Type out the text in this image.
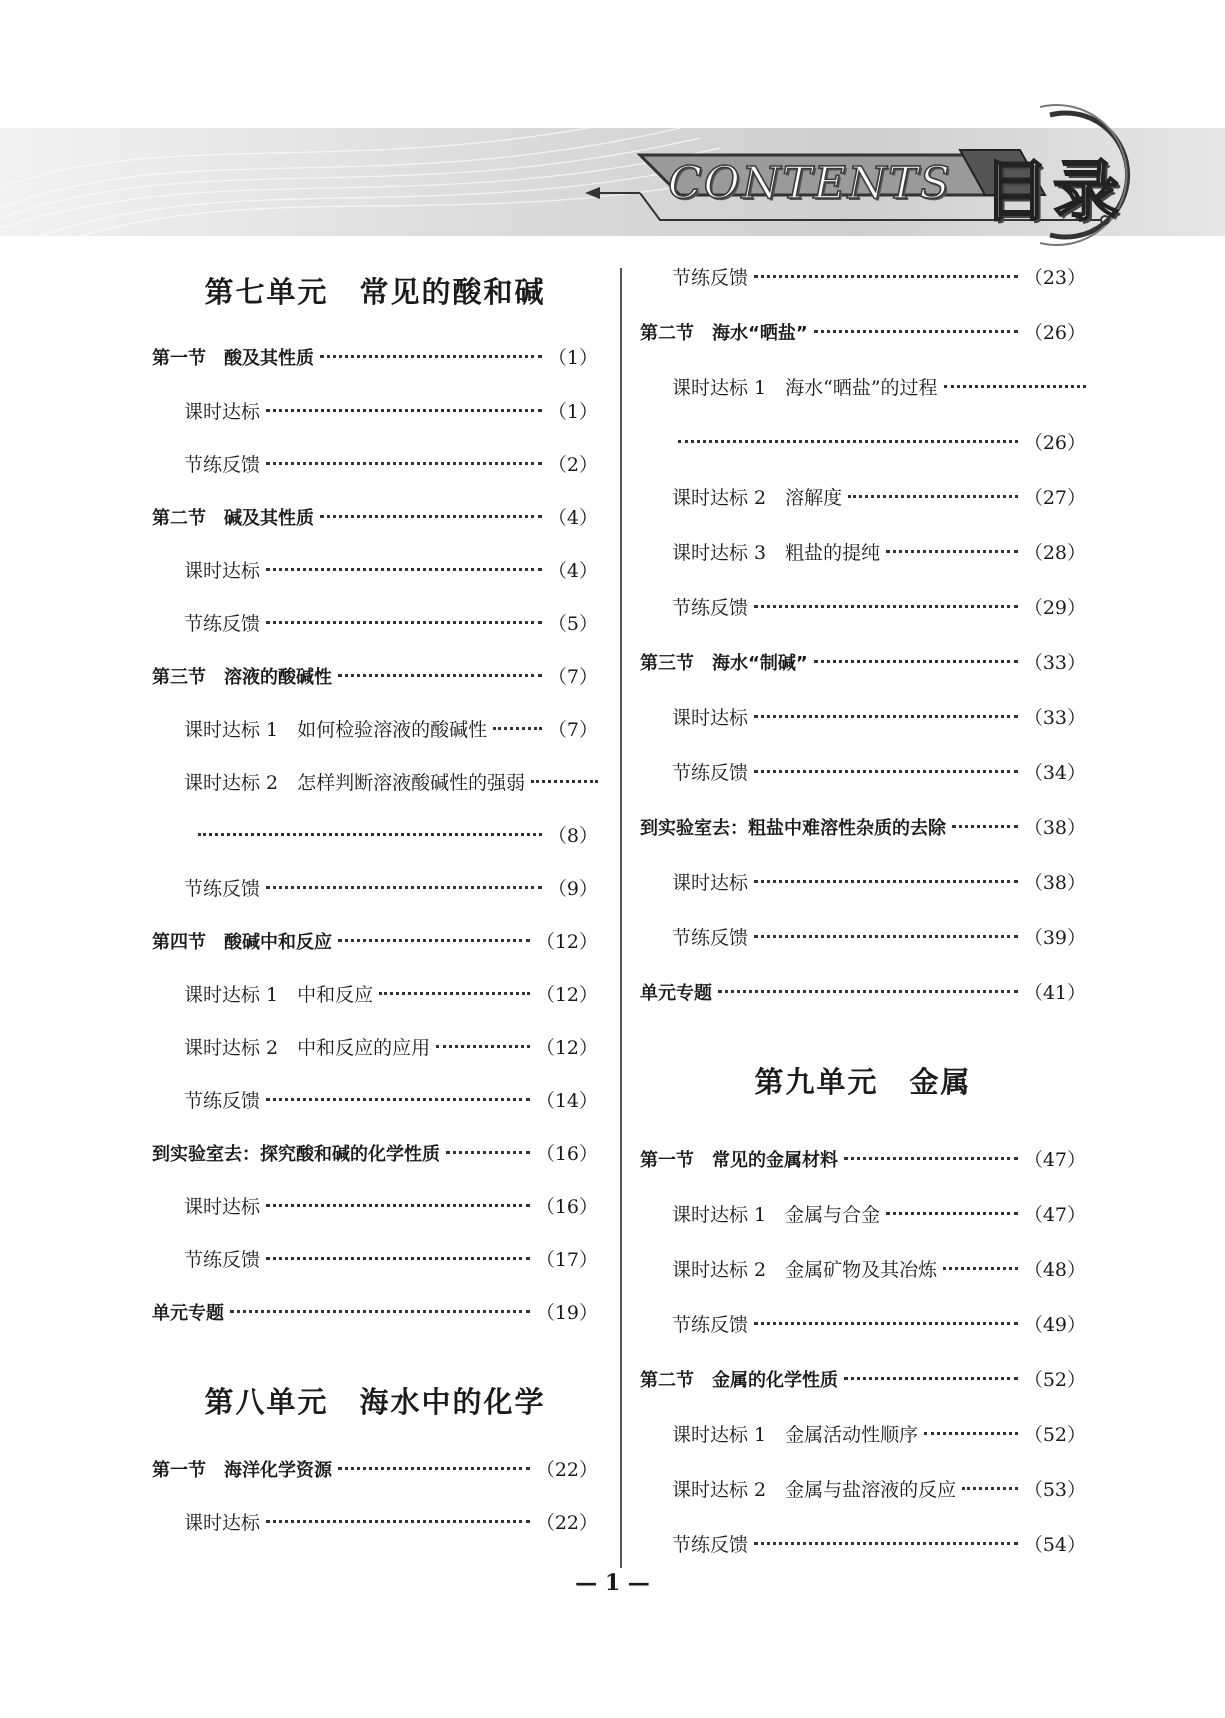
CONTENTS 目录
第七单元　常见的酸和碱
第一节　酸及其性质	（1）
课时达标	（1）
节练反馈	（2）
第二节　碱及其性质	（4）
课时达标	（4）
节练反馈	（5）
第三节　溶液的酸碱性	（7）
课时达标 1　如何检验溶液的酸碱性	（7）
课时达标 2　怎样判断溶液酸碱性的强弱
（8）
节练反馈	（9）
第四节　酸碱中和反应	（12）
课时达标 1　中和反应	（12）
课时达标 2　中和反应的应用	（12）
节练反馈	（14）
到实验室去：探究酸和碱的化学性质	（16）
课时达标	（16）
节练反馈	（17）
单元专题	（19）
第八单元　海水中的化学
第一节　海洋化学资源	（22）
课时达标	（22）
节练反馈	（23）
第二节　海水“晒盐”	（26）
课时达标 1　海水“晒盐”的过程
（26）
课时达标 2　溶解度	（27）
课时达标 3　粗盐的提纯	（28）
节练反馈	（29）
第三节　海水“制碱”	（33）
课时达标	（33）
节练反馈	（34）
到实验室去：粗盐中难溶性杂质的去除	（38）
课时达标	（38）
节练反馈	（39）
单元专题	（41）
第九单元　金属
第一节　常见的金属材料	（47）
课时达标 1　金属与合金	（47）
课时达标 2　金属矿物及其冶炼	（48）
节练反馈	（49）
第二节　金属的化学性质	（52）
课时达标 1　金属活动性顺序	（52）
课时达标 2　金属与盐溶液的反应	（53）
节练反馈	（54）
— 1 —
